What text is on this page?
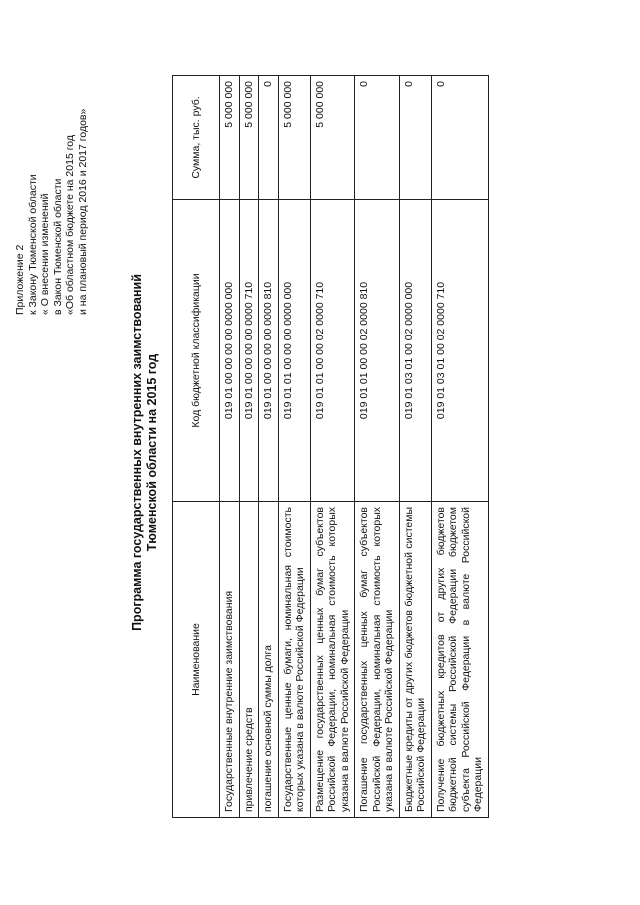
Приложение 2 к Закону Тюменской области « О внесении изменений в Закон Тюменской области «Об областном бюджете на 2015 год и на плановый период 2016 и 2017 годов»
Программа государственных внутренних заимствований Тюменской области на 2015 год
Наименование	Код бюджетной классификации	Сумма, тыс. руб.
Государственные внутренние заимствования	019 01 00 00 00 00 0000 000	5 000 000
привлечение средств	019 01 00 00 00 00 0000 710	5 000 000
погашение основной суммы долга	019 01 00 00 00 00 0000 810	0
Государственные ценные бумаги, номинальная стоимость которых указана в валюте Российской Федерации	019 01 01 00 00 00 0000 000	5 000 000
Размещение государственных ценных бумаг субъектов Российской Федерации, номинальная стоимость которых указана в валюте Российской Федерации	019 01 01 00 00 02 0000 710	5 000 000
Погашение государственных ценных бумаг субъектов Российской Федерации, номинальная стоимость которых указана в валюте Российской Федерации	019 01 01 00 00 02 0000 810	0
Бюджетные кредиты от других бюджетов бюджетной системы Российской Федерации	019 01 03 01 00 02 0000 000	0
Получение бюджетных кредитов от других бюджетов бюджетной системы Российской Федерации бюджетом субъекта Российской Федерации в валюте Российской Федерации	019 01 03 01 00 02 0000 710	0
